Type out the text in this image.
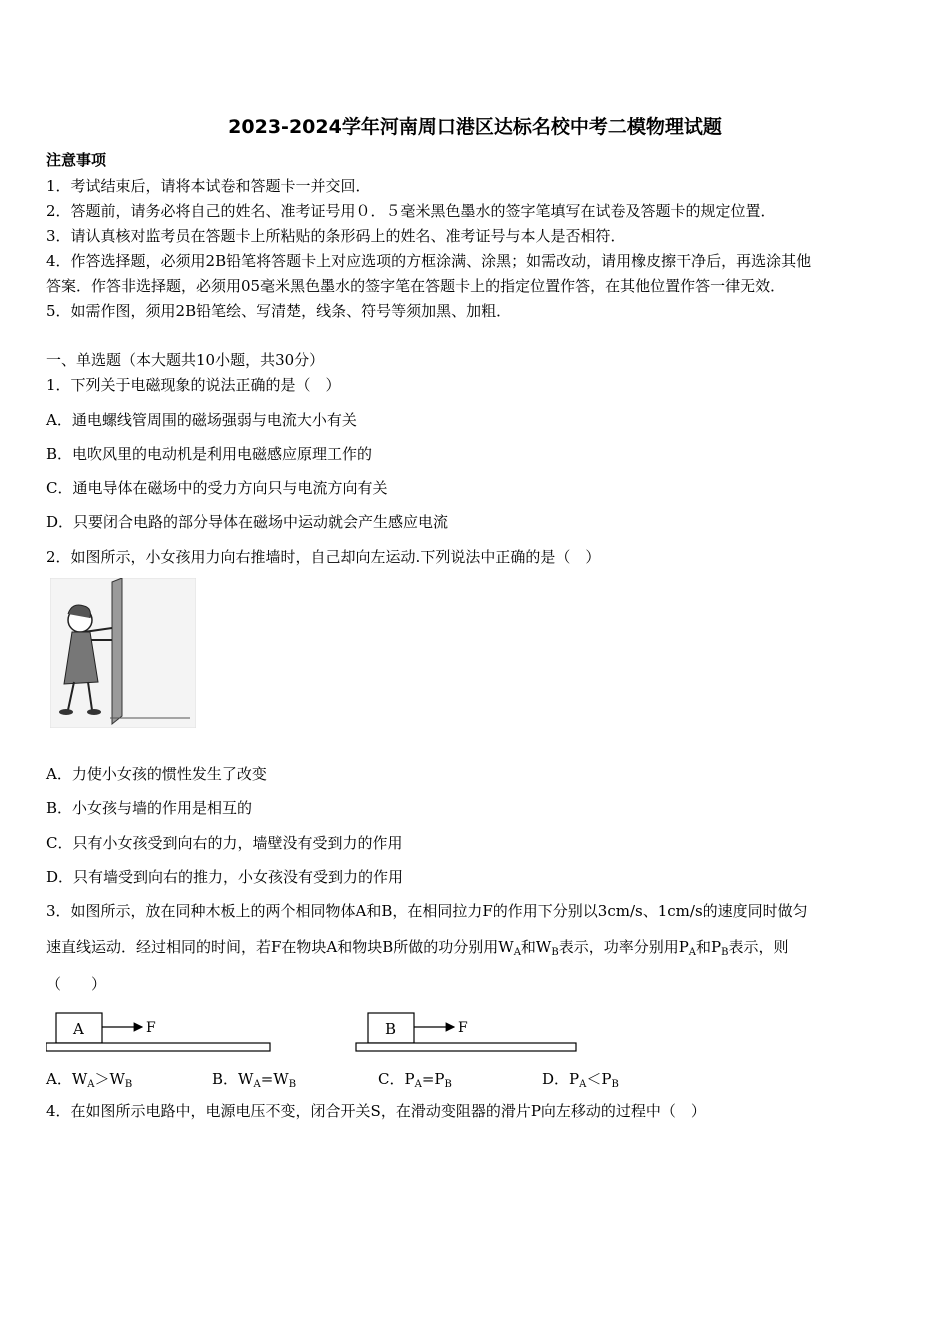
2023-2024学年河南周口港区达标名校中考二模物理试题
注意事项
1．考试结束后，请将本试卷和答题卡一并交回．
2．答题前，请务必将自己的姓名、准考证号用０．５毫米黑色墨水的签字笔填写在试卷及答题卡的规定位置．
3．请认真核对监考员在答题卡上所粘贴的条形码上的姓名、准考证号与本人是否相符．
4．作答选择题，必须用2B铅笔将答题卡上对应选项的方框涂满、涂黑；如需改动，请用橡皮擦干净后，再选涂其他
答案．作答非选择题，必须用05毫米黑色墨水的签字笔在答题卡上的指定位置作答，在其他位置作答一律无效．
5．如需作图，须用2B铅笔绘、写清楚，线条、符号等须加黑、加粗．
一、单选题（本大题共10小题，共30分）
1．下列关于电磁现象的说法正确的是（　）
A．通电螺线管周围的磁场强弱与电流大小有关
B．电吹风里的电动机是利用电磁感应原理工作的
C．通电导体在磁场中的受力方向只与电流方向有关
D．只要闭合电路的部分导体在磁场中运动就会产生感应电流
2．如图所示，小女孩用力向右推墙时，自己却向左运动.下列说法中正确的是（　）
A．力使小女孩的惯性发生了改变
B．小女孩与墙的作用是相互的
C．只有小女孩受到向右的力，墙壁没有受到力的作用
D．只有墙受到向右的推力，小女孩没有受到力的作用
3．如图所示，放在同种木板上的两个相同物体A和B，在相同拉力F的作用下分别以3cm/s、1cm/s的速度同时做匀
速直线运动．经过相同的时间，若F在物块A和物块B所做的功分别用$W_A$和$W_B$表示，功率分别用$P_A$和$P_B$表示，则
（　　）
A	F	B	F
A．$W_A>W_B$	B．$W_A=W_B$	C．$P_A=P_B$	D．$P_A<P_B$
4．在如图所示电路中，电源电压不变，闭合开关S，在滑动变阻器的滑片P向左移动的过程中（　）
